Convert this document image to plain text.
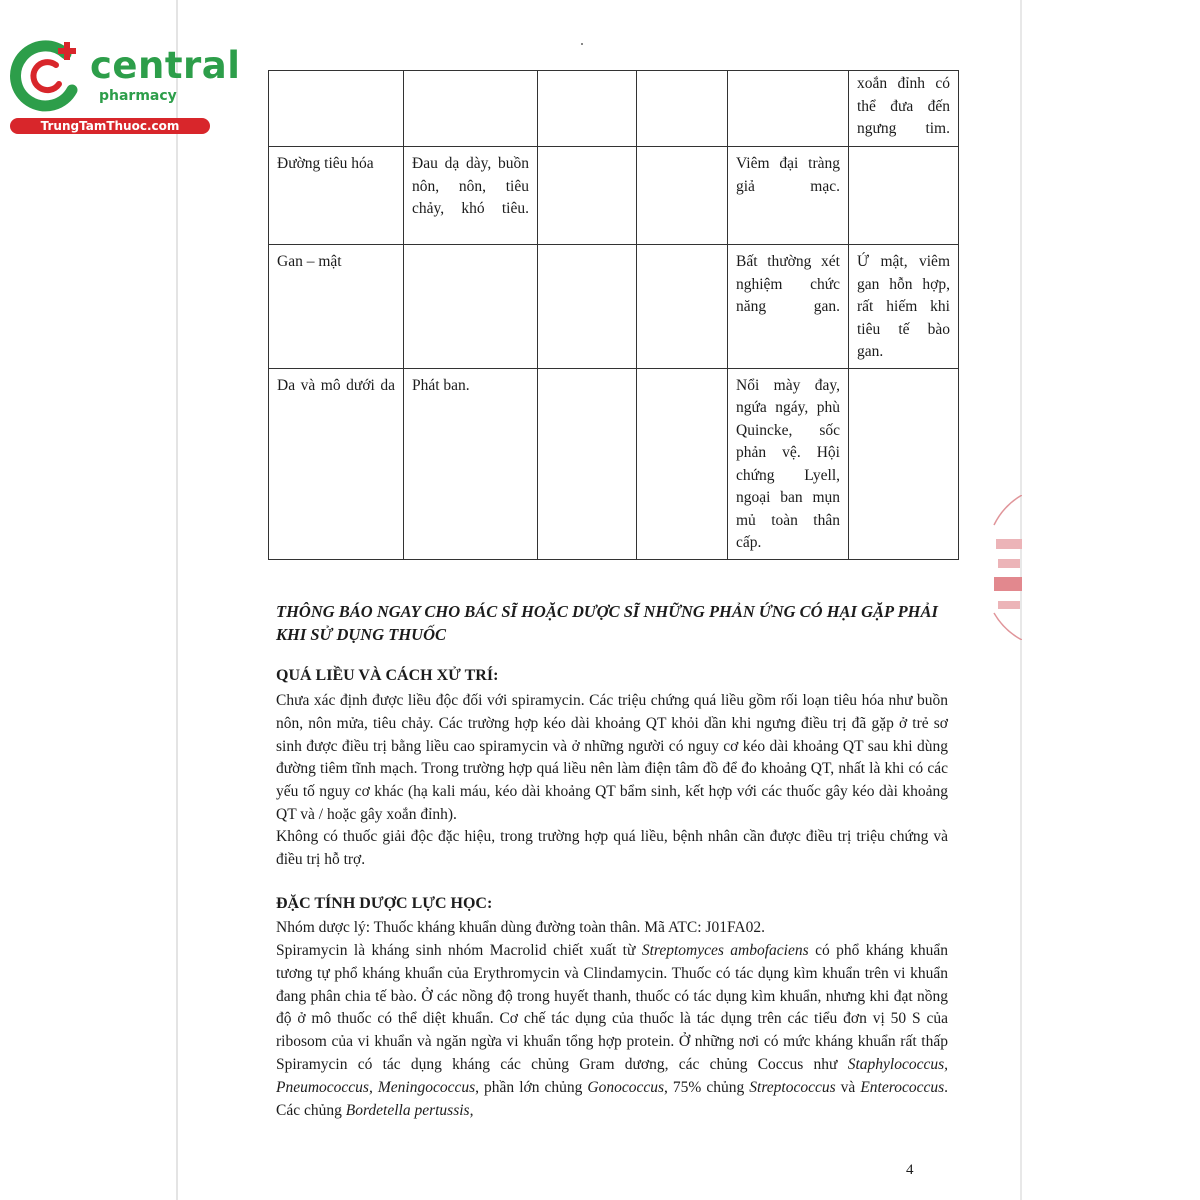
central
pharmacy
TrungTamThuoc.com
					xoắn đỉnh có thể đưa đến ngưng tim.
Đường tiêu hóa	Đau dạ dày, buồn nôn, nôn, tiêu chảy, khó tiêu.			Viêm đại tràng giả mạc.	
Gan – mật				Bất thường xét nghiệm chức năng gan.	Ứ mật, viêm gan hỗn hợp, rất hiếm khi tiêu tế bào gan.
Da và mô dưới da	Phát ban.			Nổi mày đay, ngứa ngáy, phù Quincke, sốc phản vệ. Hội chứng Lyell, ngoại ban mụn mủ toàn thân cấp.	
THÔNG BÁO NGAY CHO BÁC SĨ HOẶC DƯỢC SĨ NHỮNG PHẢN ỨNG CÓ HẠI GẶP PHẢI KHI SỬ DỤNG THUỐC
QUÁ LIỀU VÀ CÁCH XỬ TRÍ:
Chưa xác định được liều độc đối với spiramycin. Các triệu chứng quá liều gồm rối loạn tiêu hóa như buồn nôn, nôn mửa, tiêu chảy. Các trường hợp kéo dài khoảng QT khỏi dần khi ngưng điều trị đã gặp ở trẻ sơ sinh được điều trị bằng liều cao spiramycin và ở những người có nguy cơ kéo dài khoảng QT sau khi dùng đường tiêm tĩnh mạch. Trong trường hợp quá liều nên làm điện tâm đồ để đo khoảng QT, nhất là khi có các yếu tố nguy cơ khác (hạ kali máu, kéo dài khoảng QT bẩm sinh, kết hợp với các thuốc gây kéo dài khoảng QT và / hoặc gây xoắn đỉnh).
Không có thuốc giải độc đặc hiệu, trong trường hợp quá liều, bệnh nhân cần được điều trị triệu chứng và điều trị hỗ trợ.
ĐẶC TÍNH DƯỢC LỰC HỌC:
Nhóm dược lý: Thuốc kháng khuẩn dùng đường toàn thân. Mã ATC: J01FA02.
Spiramycin là kháng sinh nhóm Macrolid chiết xuất từ Streptomyces ambofaciens có phổ kháng khuẩn tương tự phổ kháng khuẩn của Erythromycin và Clindamycin. Thuốc có tác dụng kìm khuẩn trên vi khuẩn đang phân chia tế bào. Ở các nồng độ trong huyết thanh, thuốc có tác dụng kìm khuẩn, nhưng khi đạt nồng độ ở mô thuốc có thể diệt khuẩn. Cơ chế tác dụng của thuốc là tác dụng trên các tiểu đơn vị 50 S của ribosom của vi khuẩn và ngăn ngừa vi khuẩn tổng hợp protein. Ở những nơi có mức kháng khuẩn rất thấp Spiramycin có tác dụng kháng các chủng Gram dương, các chủng Coccus như Staphylococcus, Pneumococcus, Meningococcus, phần lớn chủng Gonococcus, 75% chủng Streptococcus và Enterococcus. Các chủng Bordetella pertussis,
4
